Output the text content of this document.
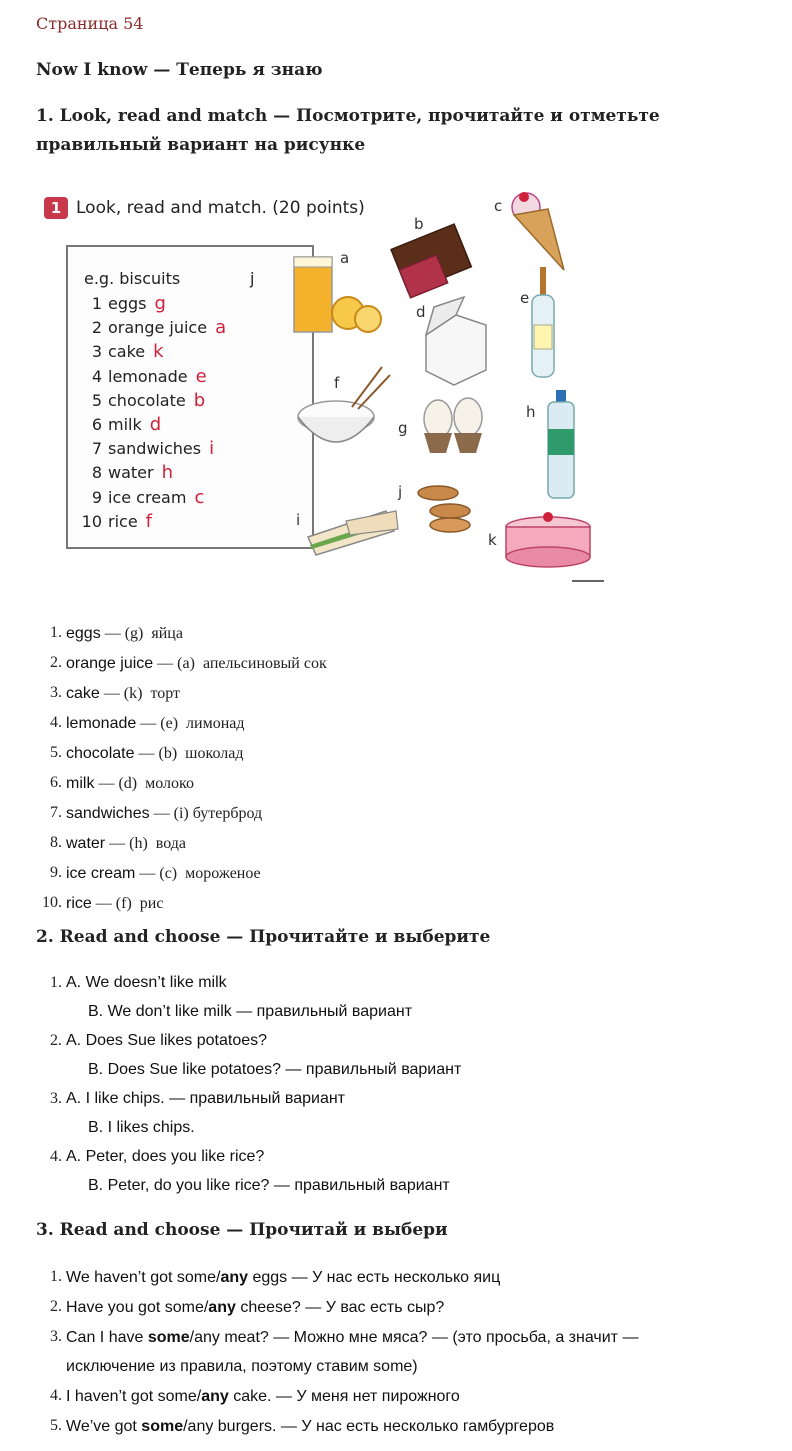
Страница 54
Now I know — Теперь я знаю
1. Look, read and match — Посмотрите, прочитайте и отметьте
правильный вариант на рисунке
1 Look, read and match. (20 points)
e.g. biscuits	j
1 eggs g
2 orange juice a
3 cake k
4 lemonade e
5 chocolate b
6 milk d
7 sandwiches i
8 water h
9 ice cream c
10 rice f
a
b
c
d
e
f
g
h
i
j
k
1. eggs — (g)  яйца
2. orange juice — (a)  апельсиновый сок
3. cake — (k)  торт
4. lemonade — (e)  лимонад
5. chocolate — (b)  шоколад
6. milk — (d)  молоко
7. sandwiches — (i) бутерброд
8. water — (h)  вода
9. ice cream — (c)  мороженое
10. rice — (f)  рис
2. Read and choose — Прочитайте и выберите
1. A. We doesn’t like milk
B. We don’t like milk — правильный вариант
2. A. Does Sue likes potatoes?
B. Does Sue like potatoes? — правильный вариант
3. A. I like chips. — правильный вариант
B. I likes chips.
4. A. Peter, does you like rice?
B. Peter, do you like rice? — правильный вариант
3. Read and choose — Прочитай и выбери
1. We haven’t got some/any eggs — У нас есть несколько яиц
2. Have you got some/any cheese? — У вас есть сыр?
3. Can I have some/any meat? — Можно мне мяса? — (это просьба, а значит —
исключение из правила, поэтому ставим some)
4. I haven’t got some/any cake. — У меня нет пирожного
5. We’ve got some/any burgers. — У нас есть несколько гамбургеров
